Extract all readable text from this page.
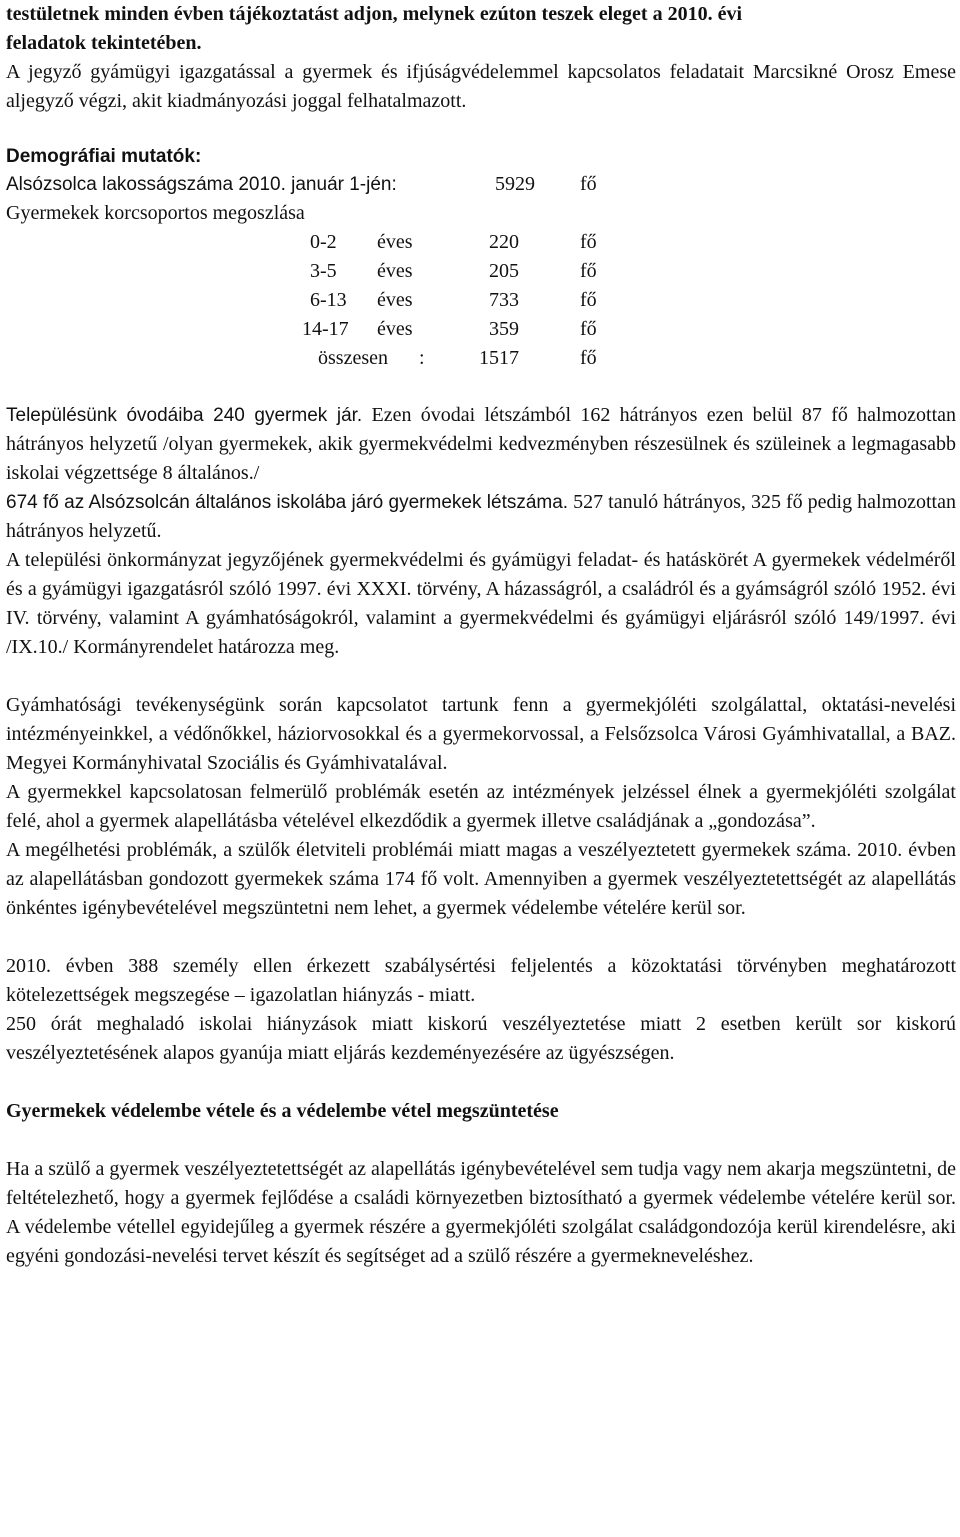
testületnek minden évben tájékoztatást adjon, melynek ezúton teszek eleget a 2010. évi

feladatok tekintetében.

A jegyző gyámügyi igazgatással a gyermek és ifjúságvédelemmel kapcsolatos feladatait Marcsikné Orosz Emese aljegyző végzi, akit kiadmányozási joggal felhatalmazott.

Demográfiai mutatók:
Alsózsolca lakosságszáma 2010. január 1-jén:	5929 fő
Gyermekek korcsoportos megoszlása
0-2 éves	220	fő
3-5 éves	205	fő
6-13 éves	733	fő
14-17 éves	359	fő
összesen :	1517	fő

Településünk óvodáiba 240 gyermek jár. Ezen óvodai létszámból 162 hátrányos ezen belül 87 fő halmozottan hátrányos helyzetű /olyan gyermekek, akik gyermekvédelmi kedvezményben részesülnek és szüleinek a legmagasabb iskolai végzettsége 8 általános./

674 fő az Alsózsolcán általános iskolába járó gyermekek létszáma. 527 tanuló hátrányos, 325 fő pedig halmozottan hátrányos helyzetű.

A települési önkormányzat jegyzőjének gyermekvédelmi és gyámügyi feladat- és hatáskörét A gyermekek védelméről és a gyámügyi igazgatásról szóló 1997. évi XXXI. törvény, A házasságról, a családról és a gyámságról szóló 1952. évi IV. törvény, valamint A gyámhatóságokról, valamint a gyermekvédelmi és gyámügyi eljárásról szóló 149/1997. évi /IX.10./ Kormányrendelet határozza meg.

Gyámhatósági tevékenységünk során kapcsolatot tartunk fenn a gyermekjóléti szolgálattal, oktatási-nevelési intézményeinkkel, a védőnőkkel, háziorvosokkal és a gyermekorvossal, a Felsőzsolca Városi Gyámhivatallal, a BAZ. Megyei Kormányhivatal Szociális és Gyámhivatalával.

A gyermekkel kapcsolatosan felmerülő problémák esetén az intézmények jelzéssel élnek a gyermekjóléti szolgálat felé, ahol a gyermek alapellátásba vételével elkezdődik a gyermek illetve családjának a „gondozása”.

A megélhetési problémák, a szülők életviteli problémái miatt magas a veszélyeztetett gyermekek száma. 2010. évben az alapellátásban gondozott gyermekek száma 174 fő volt. Amennyiben a gyermek veszélyeztetettségét az alapellátás önkéntes igénybevételével megszüntetni nem lehet, a gyermek védelembe vételére kerül sor.

2010. évben 388 személy ellen érkezett szabálysértési feljelentés a közoktatási törvényben meghatározott kötelezettségek megszegése – igazolatlan hiányzás - miatt.

250 órát meghaladó iskolai hiányzások miatt kiskorú veszélyeztetése miatt 2 esetben került sor kiskorú veszélyeztetésének alapos gyanúja miatt eljárás kezdeményezésére az ügyészségen.

Gyermekek védelembe vétele és a védelembe vétel megszüntetése

Ha a szülő a gyermek veszélyeztetettségét az alapellátás igénybevételével sem tudja vagy nem akarja megszüntetni, de feltételezhető, hogy a gyermek fejlődése a családi környezetben biztosítható a gyermek védelembe vételére kerül sor. A védelembe vétellel egyidejűleg a gyermek részére a gyermekjóléti szolgálat családgondozója kerül kirendelésre, aki egyéni gondozási-nevelési tervet készít és segítséget ad a szülő részére a gyermekneveléshez.
